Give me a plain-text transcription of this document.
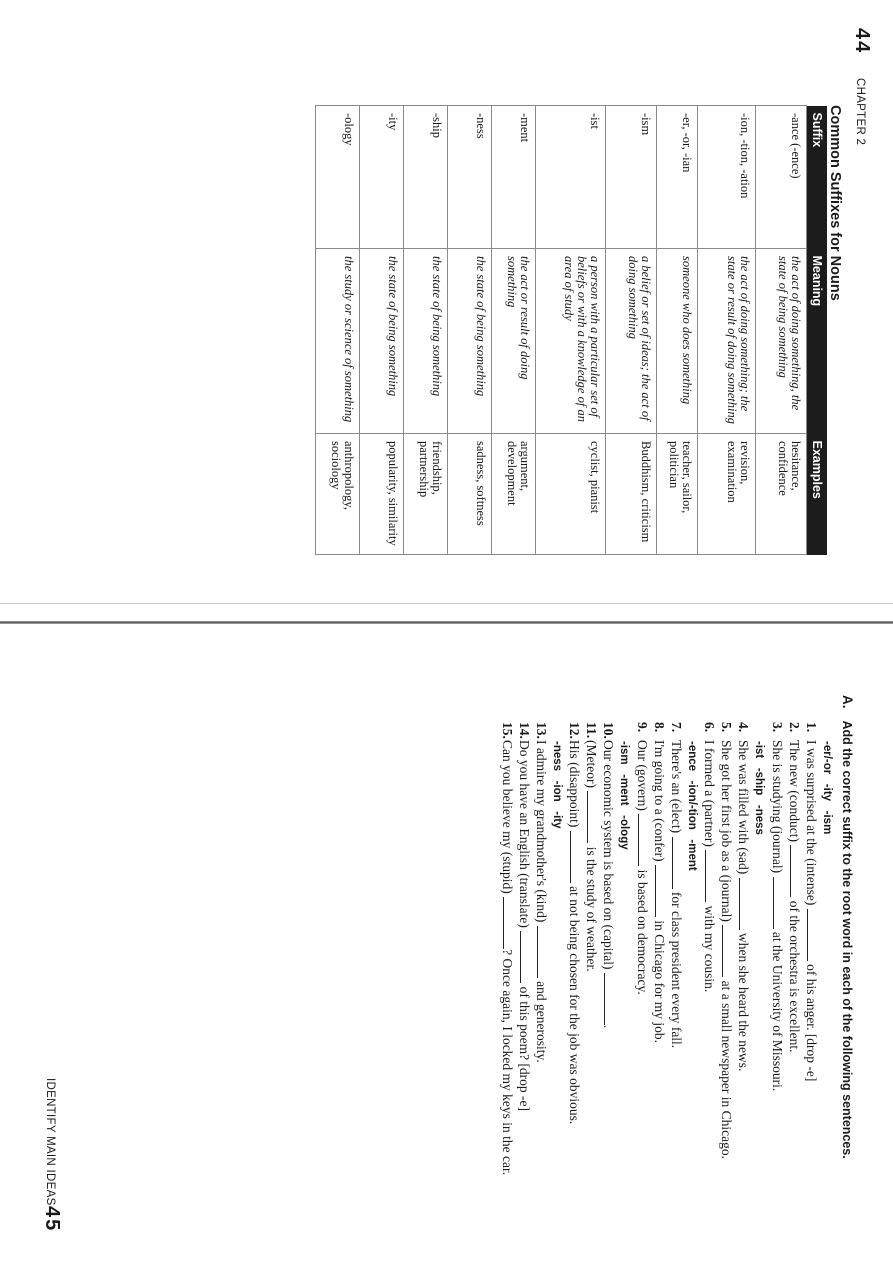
44
CHAPTER 2
Common Suffixes for Nouns
Suffix	Meaning	Examples
-ance (-ence)	the act of doing something, the state of being something	hesitance, confidence
-ion, -tion, -ation	the act of doing something; the state or result of doing something	revision, examination
-er, -or, -ian	someone who does something	teacher, sailor, politician
-ism	a belief or set of ideas; the act of doing something	Buddhism, criticism
-ist	a person with a particular set of beliefs or with a knowledge of an area of study	cyclist, pianist
-ment	the act or result of doing something	argument, development
-ness	the state of being something	sadness, softness
-ship	the state of being something	friendship, partnership
-ity	the state of being something	popularity, similarity
-ology	the study or science of something	anthropology, sociology
A.Add the correct suffix to the root word in each of the following sentences.
-er/-or   -ity   -ism
1.I was surprised at the (intense)  of his anger. [drop -e]
2.The new (conduct)  of the orchestra is excellent.
3.She is studying (journal)  at the University of Missouri.
-ist   -ship   -ness
4.She was filled with (sad)  when she heard the news.
5.She got her first job as a (journal)  at a small newspaper in Chicago.
6.I formed a (partner)  with my cousin.
-ence   -ion/-tion   -ment
7.There's an (elect)  for class president every fall.
8.I'm going to a (confer)  in Chicago for my job.
9.Our (govern)  is based on democracy.
-ism   -ment   -ology
10.Our economic system is based on (capital) .
11.(Meteor)  is the study of weather.
12.His (disappoint)  at not being chosen for the job was obvious.
-ness   -ion   -ity
13.I admire my grandmother's (kind)  and generosity.
14.Do you have an English (translate)  of this poem? [drop -e]
15.Can you believe my (stupid) ? Once again, I locked my keys in the car.
IDENTIFY MAIN IDEAS
45
